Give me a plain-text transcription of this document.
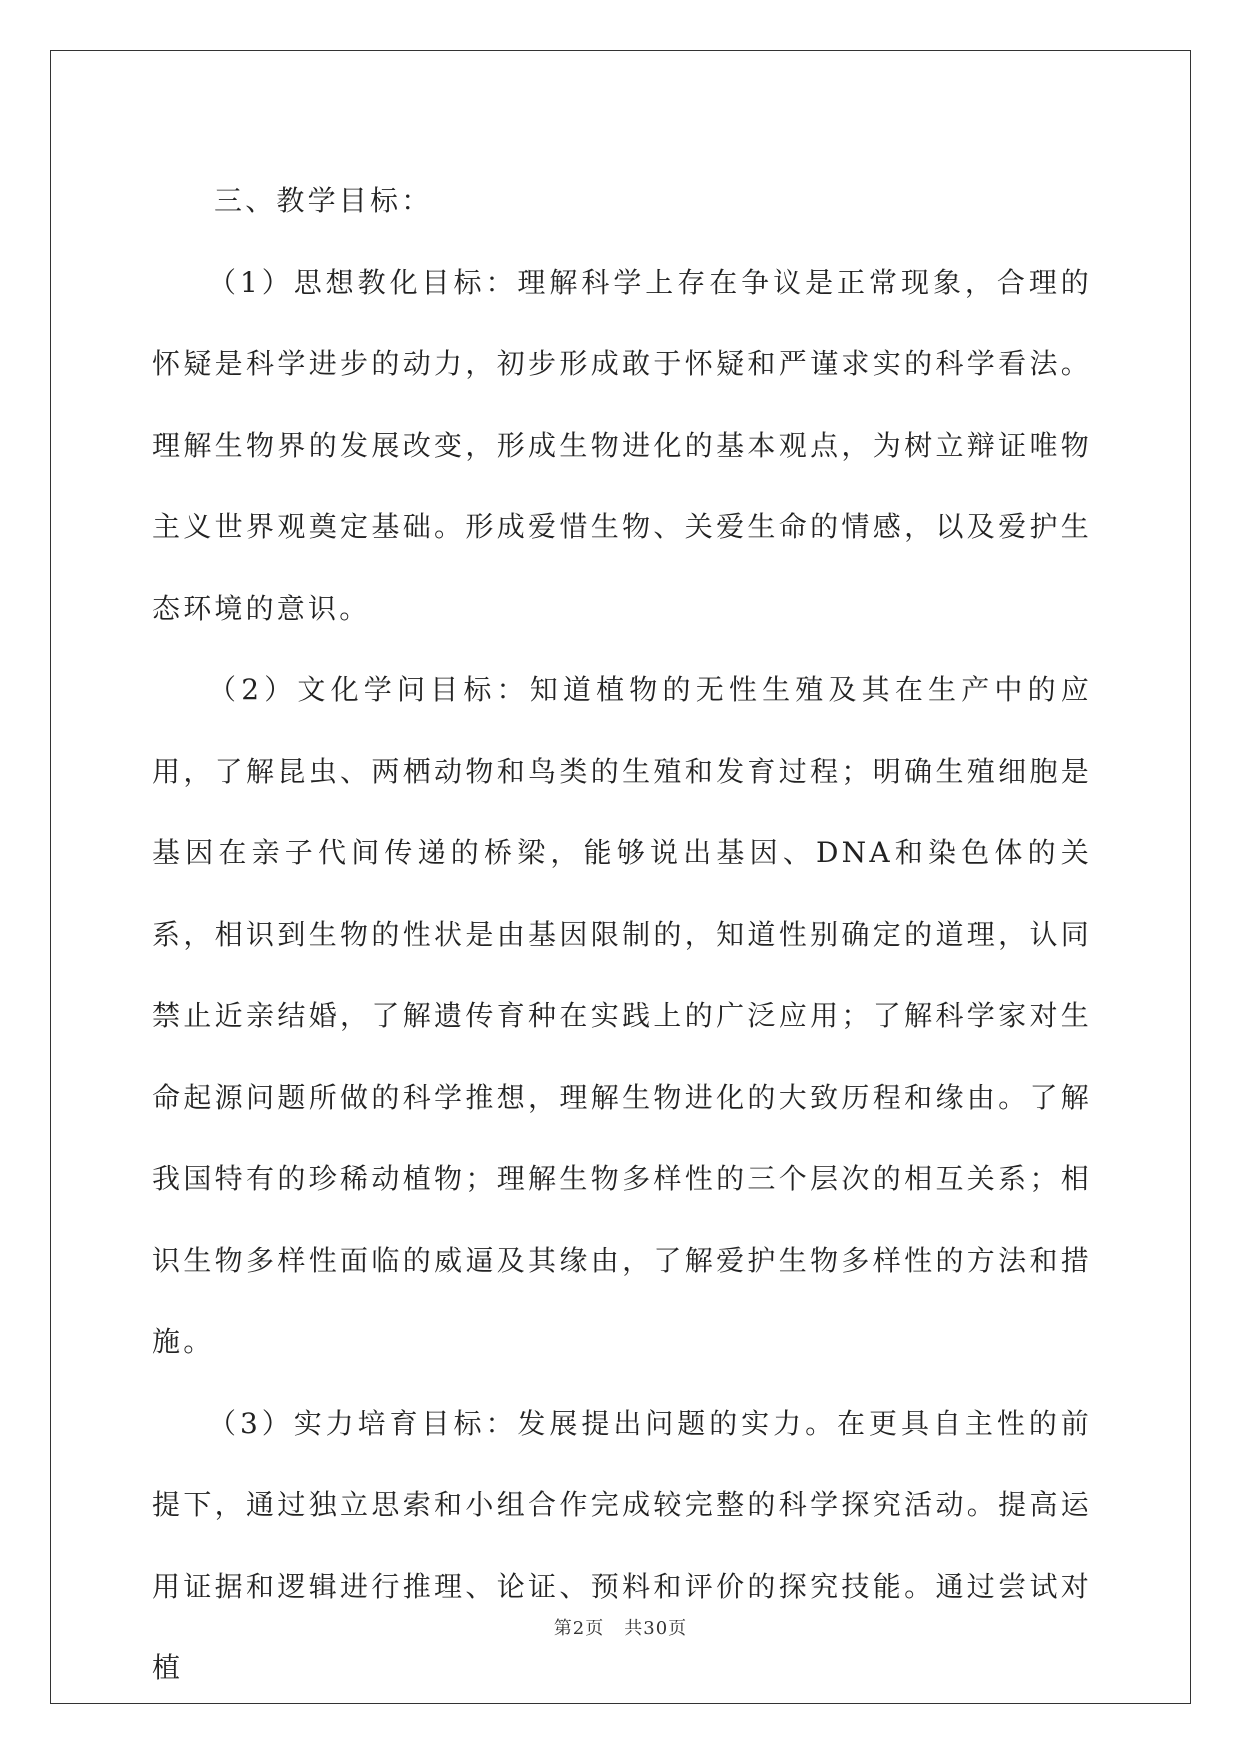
三、教学目标：

（1）思想教化目标：理解科学上存在争议是正常现象，合理的怀疑是科学进步的动力，初步形成敢于怀疑和严谨求实的科学看法。理解生物界的发展改变，形成生物进化的基本观点，为树立辩证唯物主义世界观奠定基础。形成爱惜生物、关爱生命的情感，以及爱护生态环境的意识。

（2）文化学问目标：知道植物的无性生殖及其在生产中的应用，了解昆虫、两栖动物和鸟类的生殖和发育过程；明确生殖细胞是基因在亲子代间传递的桥梁，能够说出基因、DNA和染色体的关系，相识到生物的性状是由基因限制的，知道性别确定的道理，认同禁止近亲结婚，了解遗传育种在实践上的广泛应用；了解科学家对生命起源问题所做的科学推想，理解生物进化的大致历程和缘由。了解我国特有的珍稀动植物；理解生物多样性的三个层次的相互关系；相识生物多样性面临的威逼及其缘由，了解爱护生物多样性的方法和措施。

（3）实力培育目标：发展提出问题的实力。在更具自主性的前提下，通过独立思索和小组合作完成较完整的科学探究活动。提高运用证据和逻辑进行推理、论证、预料和评价的探究技能。通过尝试对植

第2页 共30页
